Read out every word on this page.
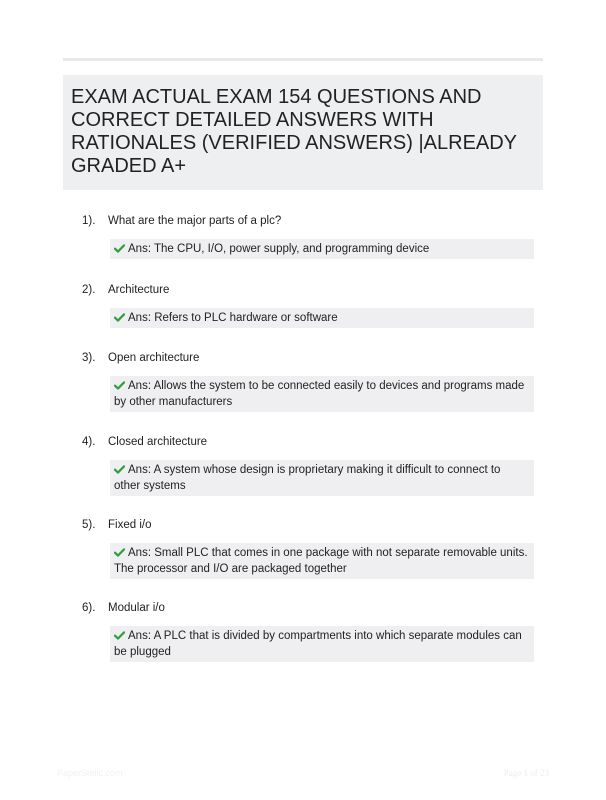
EXAM ACTUAL EXAM 154 QUESTIONS AND CORRECT DETAILED ANSWERS WITH RATIONALES (VERIFIED ANSWERS) |ALREADY GRADED A+
1). What are the major parts of a plc?
Ans: The CPU, I/O, power supply, and programming device
2). Architecture
Ans: Refers to PLC hardware or software
3). Open architecture
Ans: Allows the system to be connected easily to devices and programs made by other manufacturers
4). Closed architecture
Ans: A system whose design is proprietary making it difficult to connect to other systems
5). Fixed i/o
Ans: Small PLC that comes in one package with not separate removable units. The processor and I/O are packaged together
6). Modular i/o
Ans: A PLC that is divided by compartments into which separate modules can be plugged
PaperStelic.com	Page 1 of 23
